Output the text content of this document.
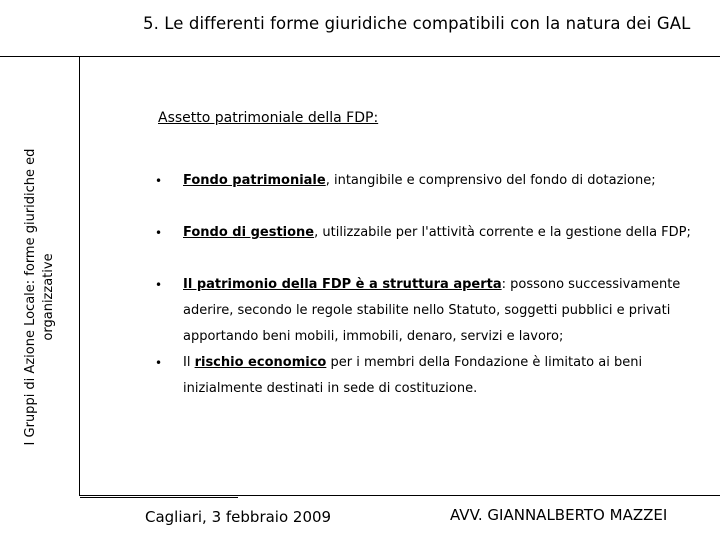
5. Le differenti forme giuridiche compatibili con la natura dei GAL
I Gruppi di Azione Locale: forme giuridiche ed organizzative
Assetto patrimoniale della FDP:
• Fondo patrimoniale, intangibile e comprensivo del fondo di dotazione;
• Fondo di gestione, utilizzabile per l'attività corrente e la gestione della FDP;
• Il patrimonio della FDP è a struttura aperta: possono successivamente aderire, secondo le regole stabilite nello Statuto, soggetti pubblici e privati apportando beni mobili, immobili, denaro, servizi e lavoro;
• Il rischio economico per i membri della Fondazione è limitato ai beni inizialmente destinati in sede di costituzione.
Cagliari, 3 febbraio 2009	AVV. GIANNALBERTO MAZZEI
